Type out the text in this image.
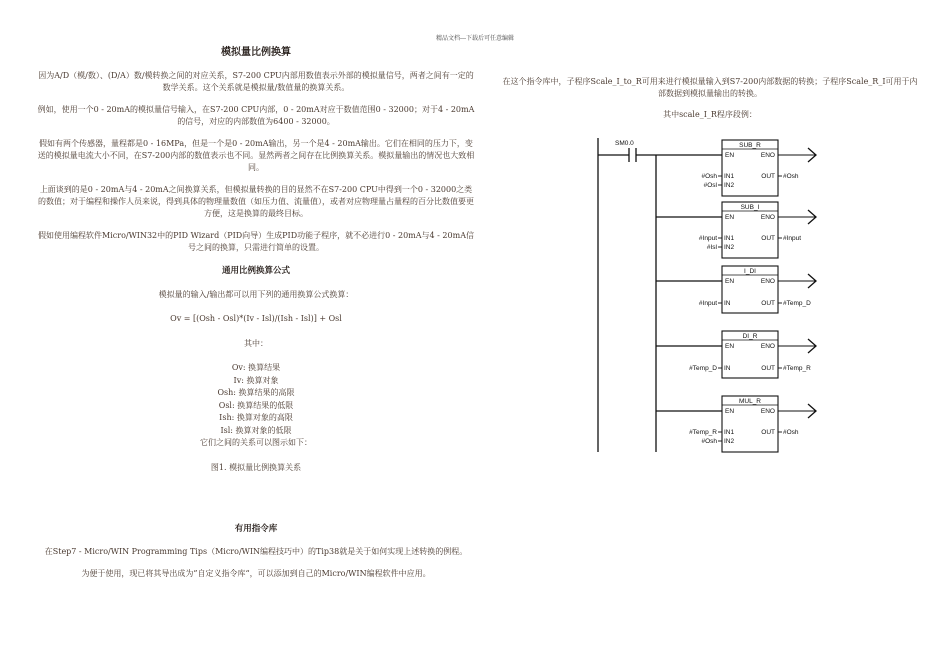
精品文档---下载后可任意编辑
模拟量比例换算

因为A/D（模/数）、(D/A）数/模转换之间的对应关系，S7-200 CPU内部用数值表示外部的模拟量信号，两者之间有一定的数学关系。这个关系就是模拟量/数值量的换算关系。

例如，使用一个0 - 20mA的模拟量信号输入，在S7-200 CPU内部，0 - 20mA对应于数值范围0 - 32000；对于4 - 20mA的信号，对应的内部数值为6400 - 32000。

假如有两个传感器，量程都是0 - 16MPa，但是一个是0 - 20mA输出，另一个是4 - 20mA输出。它们在相同的压力下，变送的模拟量电流大小不同，在S7-200内部的数值表示也不同。显然两者之间存在比例换算关系。模拟量输出的情况也大致相同。

上面谈到的是0 - 20mA与4 - 20mA之间换算关系，但模拟量转换的目的显然不在S7-200 CPU中得到一个0 - 32000之类的数值；对于编程和操作人员来说，得到具体的物理量数值（如压力值、流量值），或者对应物理量占量程的百分比数值要更方便，这是换算的最终目标。

假如使用编程软件Micro/WIN32中的PID Wizard（PID向导）生成PID功能子程序，就不必进行0 - 20mA与4 - 20mA信号之间的换算，只需进行简单的设置。

通用比例换算公式

模拟量的输入/输出都可以用下列的通用换算公式换算：

Ov = [(Osh - Osl)*(Iv - Isl)/(Ish - Isl)] + Osl

其中：

Ov: 换算结果
Iv: 换算对象
Osh: 换算结果的高限
Osl: 换算结果的低限
Ish: 换算对象的高限
Isl: 换算对象的低限
它们之间的关系可以图示如下：

图1. 模拟量比例换算关系

有用指令库

在Step7 - Micro/WIN Programming Tips（Micro/WIN编程技巧中）的Tip38就是关于如何实现上述转换的例程。

为便于使用，现已将其导出成为”自定义指令库“，可以添加到自己的Micro/WIN编程软件中应用。

在这个指令库中，子程序Scale_I_to_R可用来进行模拟量输入到S7-200内部数据的转换；子程序Scale_R_I可用于内部数据到模拟量输出的转换。

其中scale_I_R程序段例：

SM0.0	SUB_R
EN	ENO
#Osh IN1
#Osl IN2
OUT #Osh
SUB_I
EN	ENO
#Input IN1
#Isl IN2
OUT #Input
I_DI
EN	ENO
#Input IN	OUT #Temp_D
DI_R
EN	ENO
#Temp_D IN	OUT #Temp_R
MUL_R
EN	ENO
#Temp_R IN1
#Osh IN2
OUT #Osh
